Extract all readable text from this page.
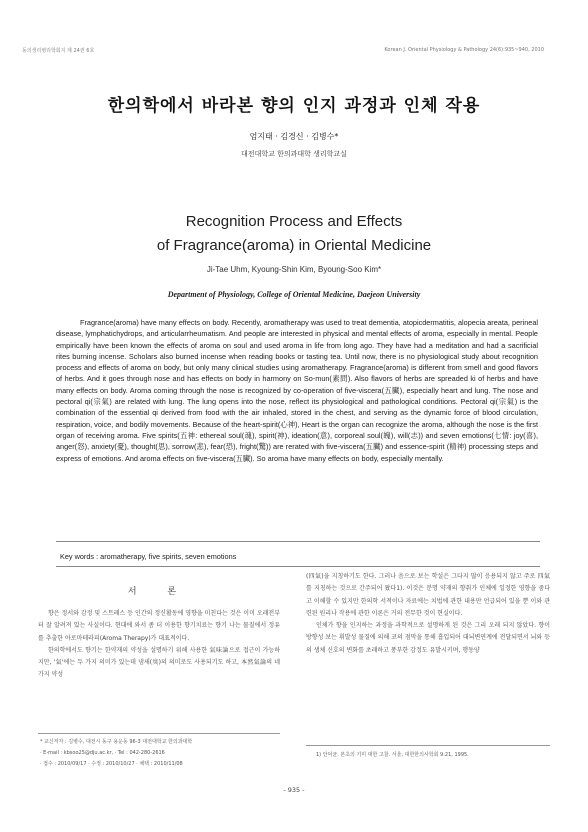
동의생리병리학회지 제 24권 6호	Korean J. Oriental Physiology & Pathology 24(6):935~940, 2010
한의학에서 바라본 향의 인지 과정과 인체 작용
엄지태 · 김경신 · 김병수*
대전대학교 한의과대학 생리학교실
Recognition Process and Effects
of Fragrance(aroma) in Oriental Medicine
Ji-Tae Uhm, Kyoung-Shin Kim, Byoung-Soo Kim*
Department of Physiology, College of Oriental Medicine, Daejeon University

Fragrance(aroma) have many effects on body. Recently, aromatherapy was used to treat dementia, atopicdermatitis, alopecia areata, perineal disease, lymphatichydrops, and articularrheumatism. And people are interested in physical and mental effects of aroma, especially in mental. People empirically have been known the effects of aroma on soul and used aroma in life from long ago. They have had a meditation and had a sacrificial rites burning incense. Scholars also burned incense when reading books or tasting tea. Until now, there is no physiological study about recognition process and effects of aroma on body, but only many clinical studies using aromatherapy. Fragrance(aroma) is different from smell and good flavors of herbs. And it goes through nose and has effects on body in harmony on So-mun(素問). Also flavors of herbs are spreaded ki of herbs and have many effects on body. Aroma coming through the nose is recognized by co-operation of five-viscera(五臟), especially heart and lung. The nose and pectoral qi(宗氣) are related with lung. The lung opens into the nose, reflect its physiological and pathological conditions. Pectoral qi(宗氣) is the combination of the essential qi derived from food with the air inhaled, stored in the chest, and serving as the dynamic force of blood circulation, respiration, voice, and bodily movements. Because of the heart-spirit(心神), Heart is the organ can recognize the aroma, although the nose is the first organ of receiving aroma. Five spirits(五神: ethereal soul(魂), spirit(神), ideation(意), corporeal soul(魄), will(志)) and seven emotions(七情: joy(喜), anger(怒), anxiety(憂), thought(思), sorrow(悲), fear(恐), fright(驚)) are rerated with five-viscera(五臟) and essence-spirit (精神) processing steps and express of emotions. And aroma effects on five-viscera(五臟). So aroma have many effects on body, especially mentally.

Key words : aromatherapy, five spirits, seven emotions
서 론

향은 정서와 감정 및 스트레스 등 인간의 정신활동에 영향을 미친다는 것은 이미 오래전부터 잘 알려져 있는 사실이다. 현대에 와서 좀 더 이용한 향기치료는 향기 나는 물질에서 정유를 추출한 아로마테라피(Aroma Therapy)가 대표적이다.

한의학에서도 향기는 한약재의 약성을 설명하기 위해 사용한 氣味論으로 접근이 가능하지만, '氣'에는 두 가지 의미가 있는데 냄새(臭)의 의미로도 사용되기도 하고, 本然氣論의 네 가지 약성

(四氣)을 지칭하기도 한다. 그러나 음으로 보는 학설은 그다지 많이 응용되지 않고 주로 四氣를 지칭하는 것으로 간주되어 왔다1). 이것은 분명 약재의 향취가 인체에 일정한 영향을 줌다고 이해할 수 있지만 한의학 서적이나 자료에는 치법에 관한 내용만 언급되어 있을 뿐 이와 관련된 원리나 작용에 관한 이론은 거의 전무한 것이 현실이다.

인체가 향을 인지하는 과정을 과학적으로 설명하게 된 것은 그리 오래 되지 않았다. 향이 방향성 보는 휘발성 물질에 의해 코의 점막을 통해 흡입되어 대뇌변연계에 전달되면서 뇌와 등의 생체 신호의 변화를 초래하고 풍부한 감정도 유발시키며, 행동양

* 교신저자 : 김병수, 대전시 동구 용운동 96-3 대전대학교 한의과대학
· E-mail : kbsoo25@dju.ac.kr, · Tel : 042-280-2616
· 접수 : 2010/09/17 · 수정 : 2010/10/27 · 채택 : 2010/11/08
1) 안덕균. 본초의 기미 대한 고찰. 서울, 대한한의사학회 9:21, 1995.
- 935 -
